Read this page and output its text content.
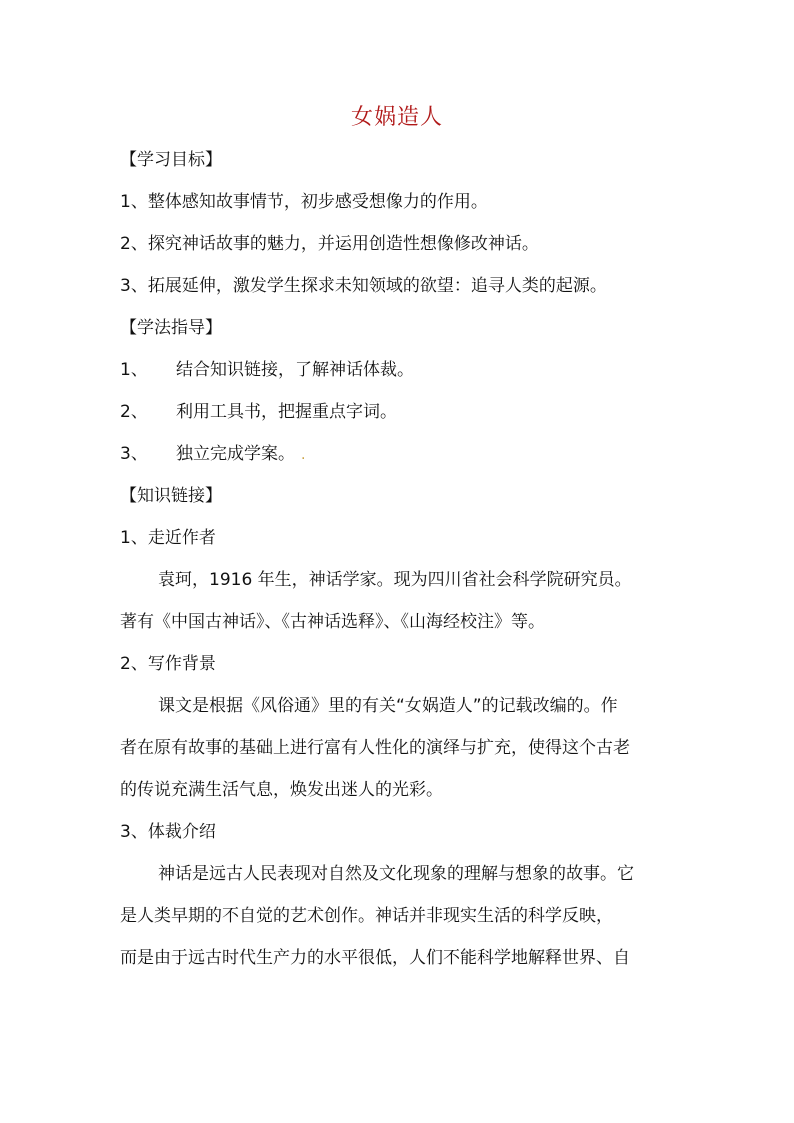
女娲造人
【学习目标】
1、整体感知故事情节，初步感受想像力的作用。
2、探究神话故事的魅力，并运用创造性想像修改神话。
3、拓展延伸，激发学生探求未知领域的欲望：追寻人类的起源。
【学法指导】
1、 结合知识链接，了解神话体裁。
2、 利用工具书，把握重点字词。
3、 独立完成学案。 .
【知识链接】
1、走近作者
袁珂，1916 年生，神话学家。现为四川省社会科学院研究员。
著有《中国古神话》、《古神话选释》、《山海经校注》等。
2、写作背景
课文是根据《风俗通》里的有关“女娲造人”的记载改编的。作
者在原有故事的基础上进行富有人性化的演绎与扩充，使得这个古老
的传说充满生活气息，焕发出迷人的光彩。
3、体裁介绍
神话是远古人民表现对自然及文化现象的理解与想象的故事。它
是人类早期的不自觉的艺术创作。神话并非现实生活的科学反映，
而是由于远古时代生产力的水平很低，人们不能科学地解释世界、自
